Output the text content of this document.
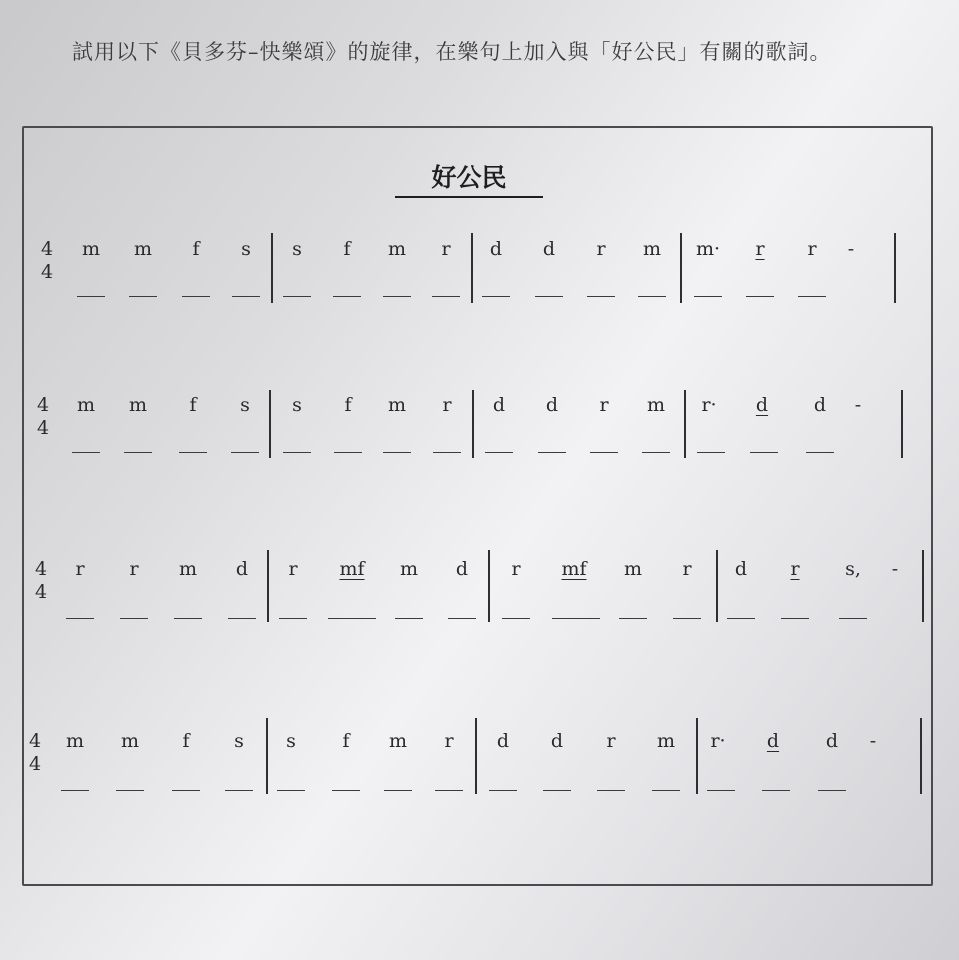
試用以下《貝多芬–快樂頌》的旋律，在樂句上加入與「好公民」有關的歌詞。
好公民
4
4
m	m	f	s	s	f	m	r	d	d	r	m	m·	r	r	-
4
4
m	m	f	s	s	f	m	r	d	d	r	m	r·	d	d	-
4
4
r	r	m	d	r	mf	m	d	r	mf	m	r	d	r	s,	-
4
4
m	m	f	s	s	f	m	r	d	d	r	m	r·	d	d	-
